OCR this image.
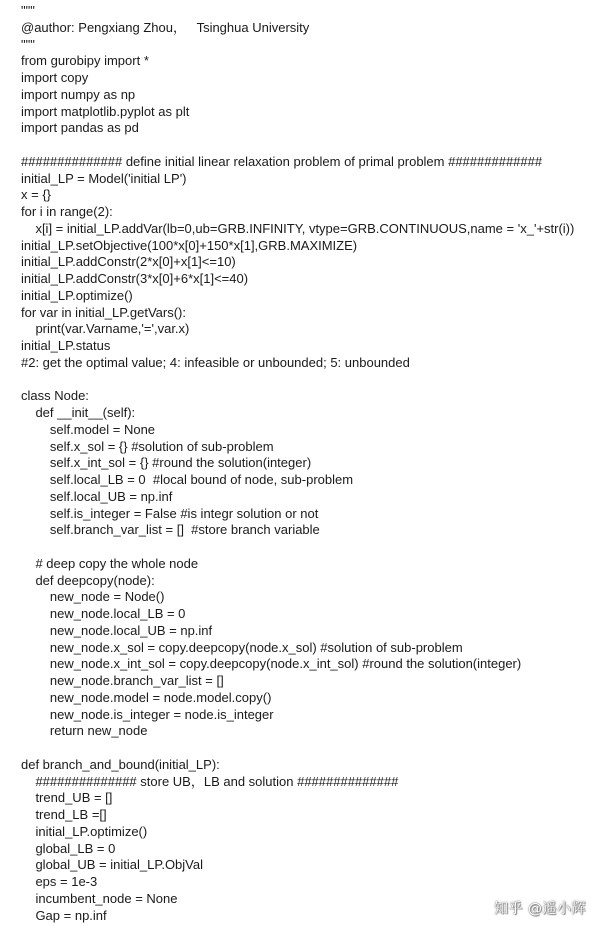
"""
@author: Pengxiang Zhou，   Tsinghua University
"""
from gurobipy import *
import copy
import numpy as np
import matplotlib.pyplot as plt
import pandas as pd
############## define initial linear relaxation problem of primal problem #############
initial_LP = Model('initial LP')
x = {}
for i in range(2):
x[i] = initial_LP.addVar(lb=0,ub=GRB.INFINITY, vtype=GRB.CONTINUOUS,name = 'x_'+str(i))
initial_LP.setObjective(100*x[0]+150*x[1],GRB.MAXIMIZE)
initial_LP.addConstr(2*x[0]+x[1]<=10)
initial_LP.addConstr(3*x[0]+6*x[1]<=40)
initial_LP.optimize()
for var in initial_LP.getVars():
print(var.Varname,'=',var.x)
initial_LP.status
#2: get the optimal value; 4: infeasible or unbounded; 5: unbounded
class Node:
def __init__(self):
self.model = None
self.x_sol = {} #solution of sub-problem
self.x_int_sol = {} #round the solution(integer)
self.local_LB = 0  #local bound of node, sub-problem
self.local_UB = np.inf
self.is_integer = False #is integr solution or not
self.branch_var_list = []  #store branch variable
# deep copy the whole node
def deepcopy(node):
new_node = Node()
new_node.local_LB = 0
new_node.local_UB = np.inf
new_node.x_sol = copy.deepcopy(node.x_sol) #solution of sub-problem
new_node.x_int_sol = copy.deepcopy(node.x_int_sol) #round the solution(integer)
new_node.branch_var_list = []
new_node.model = node.model.copy()
new_node.is_integer = node.is_integer
return new_node
def branch_and_bound(initial_LP):
############## store UB，LB and solution ##############
trend_UB = []
trend_LB =[]
initial_LP.optimize()
global_LB = 0
global_UB = initial_LP.ObjVal
eps = 1e-3
incumbent_node = None
Gap = np.inf	知乎 @遥小辉
